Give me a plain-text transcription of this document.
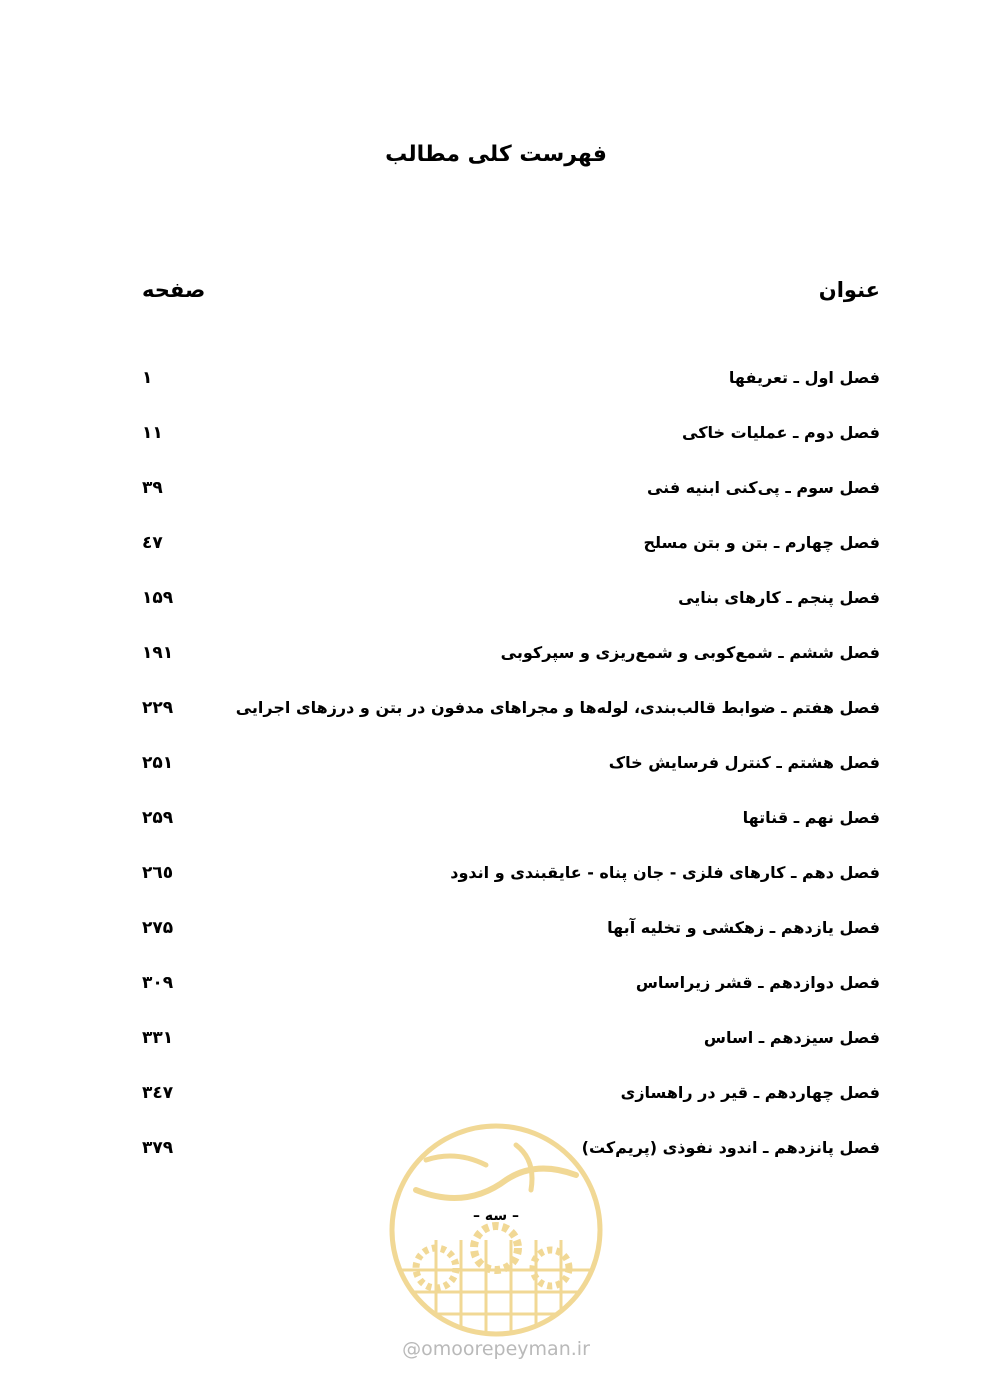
فهرست کلی مطالب
عنوان
صفحه
فصل اول ـ تعریفها
۱
فصل دوم ـ عملیات خاکی
۱۱
فصل سوم ـ پی‌کنی ابنیه فنی
۳۹
فصل چهارم ـ بتن و بتن مسلح
٤٧
فصل پنجم ـ کارهای بنایی
۱۵۹
فصل ششم ـ شمع‌کوبی و شمع‌ریزی و سپرکوبی
۱۹۱
فصل هفتم ـ ضوابط قالب‌بندی، لوله‌ها و مجراهای مدفون در بتن و درزهای اجرایی
۲۲۹
فصل هشتم ـ کنترل فرسایش خاک
۲۵۱
فصل نهم ـ قناتها
۲۵۹
فصل دهم ـ کارهای فلزی - جان پناه - عایقبندی و اندود
۲٦٥
فصل یازدهم ـ زهکشی و تخلیه آبها
۲۷۵
فصل دوازدهم ـ قشر زیراساس
۳۰۹
فصل سیزدهم ـ اساس
۳۳۱
فصل چهاردهم ـ قیر در راهسازی
۳٤۷
فصل پانزدهم ـ اندود نفوذی (پریم‌کت)
۳۷۹
– سه –
@omoorepeyman.ir
